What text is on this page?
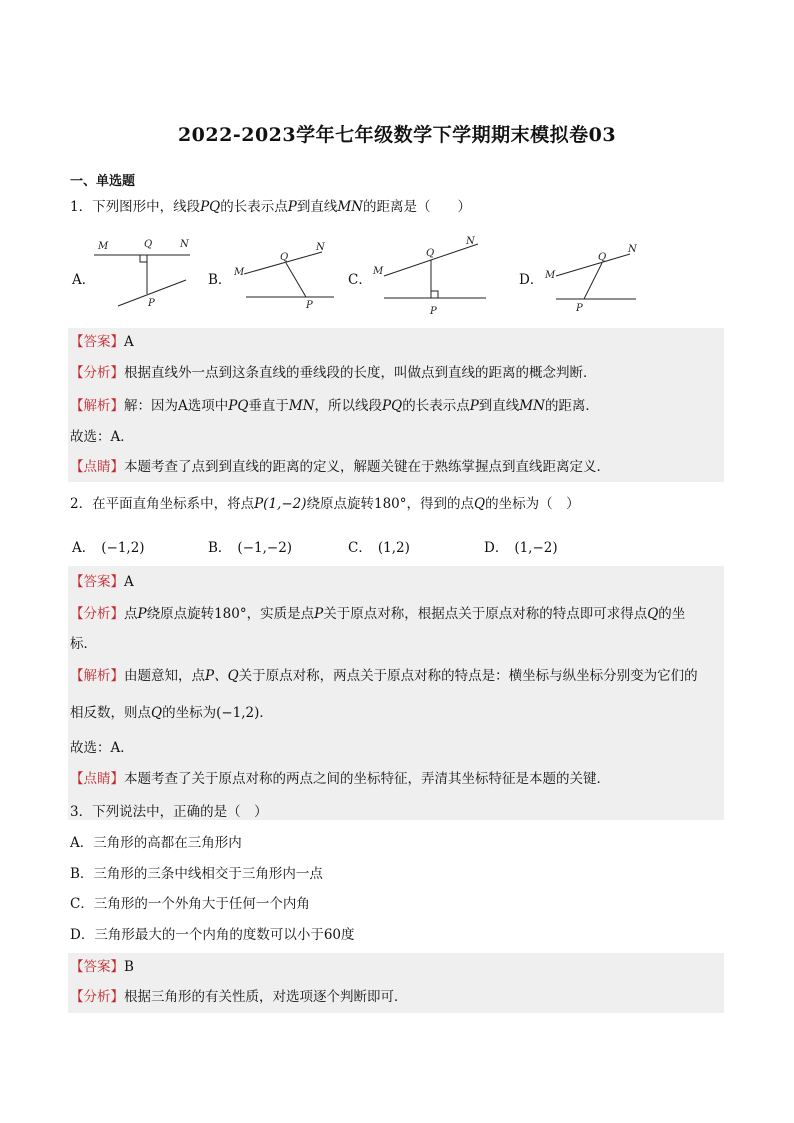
2022-2023学年七年级数学下学期期末模拟卷03
一、单选题
1．下列图形中，线段PQ的长表示点P到直线MN的距离是（　　）
A．	B．	C．	D．
M	Q	N
P
M
Q
N
P
M
Q
N
P
M
Q
N
P
【答案】A
【分析】根据直线外一点到这条直线的垂线段的长度，叫做点到直线的距离的概念判断．
【解析】解：因为A选项中PQ垂直于MN，所以线段PQ的长表示点P到直线MN的距离．
故选：A．
【点睛】本题考查了点到到直线的距离的定义，解题关键在于熟练掌握点到直线距离定义．
2．在平面直角坐标系中，将点P(1,−2)绕原点旋转180°，得到的点Q的坐标为（　）
A． (−1,2)	B． (−1,−2)	C． (1,2)	D． (1,−2)
【答案】A
【分析】点P绕原点旋转180°，实质是点P关于原点对称，根据点关于原点对称的特点即可求得点Q的坐
标．
【解析】由题意知，点P、Q关于原点对称，两点关于原点对称的特点是：横坐标与纵坐标分别变为它们的
相反数，则点Q的坐标为(−1,2)．
故选：A．
【点睛】本题考查了关于原点对称的两点之间的坐标特征，弄清其坐标特征是本题的关键．
3．下列说法中，正确的是（　）
A．三角形的高都在三角形内
B．三角形的三条中线相交于三角形内一点
C．三角形的一个外角大于任何一个内角
D．三角形最大的一个内角的度数可以小于60度
【答案】B
【分析】根据三角形的有关性质，对选项逐个判断即可．
